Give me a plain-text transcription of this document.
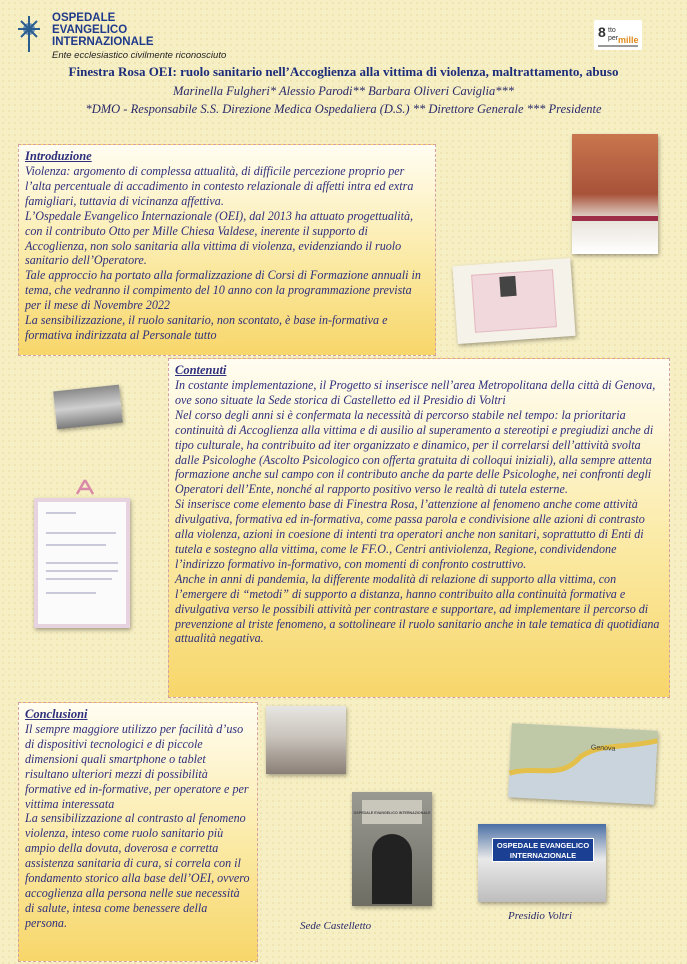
OSPEDALE
EVANGELICO
INTERNAZIONALE
Ente ecclesiastico civilmente riconosciuto
8 tto
per mille
Finestra Rosa OEI: ruolo sanitario nell’Accoglienza alla vittima di violenza, maltrattamento, abuso
Marinella Fulgheri* Alessio Parodi** Barbara Oliveri Caviglia***
*DMO - Responsabile S.S. Direzione Medica Ospedaliera (D.S.) ** Direttore Generale *** Presidente
Introduzione

Violenza: argomento di complessa attualità, di difficile percezione proprio per l’alta percentuale di accadimento in contesto relazionale di affetti intra ed extra famigliari, tuttavia di vicinanza affettiva.

L’Ospedale Evangelico Internazionale (OEI), dal 2013 ha attuato progettualità, con il contributo Otto per Mille Chiesa Valdese, inerente il supporto di Accoglienza, non solo sanitaria alla vittima di violenza, evidenziando il ruolo sanitario dell’Operatore.

Tale approccio ha portato alla formalizzazione di Corsi di Formazione annuali in tema, che vedranno il compimento del 10 anno con la programmazione prevista per il mese di Novembre 2022

La sensibilizzazione, il ruolo sanitario, non scontato, è base in-formativa e formativa indirizzata al Personale tutto

Contenuti

In costante implementazione, il Progetto si inserisce nell’area Metropolitana della città di Genova, ove sono situate la Sede storica di Castelletto ed il Presidio di Voltri

Nel corso degli anni si è confermata la necessità di percorso stabile nel tempo: la prioritaria continuità di Accoglienza alla vittima e di ausilio al superamento a stereotipi e pregiudizi anche di tipo culturale, ha contribuito ad iter organizzato e dinamico, per il correlarsi dell’attività svolta dalle Psicologhe (Ascolto Psicologico con offerta gratuita di colloqui iniziali), alla sempre attenta formazione anche sul campo con il contributo anche da parte delle Psicologhe, nei confronti degli Operatori dell’Ente, nonché al rapporto positivo verso le realtà di tutela esterne.

Si inserisce come elemento base di Finestra Rosa, l’attenzione al fenomeno anche come attività divulgativa, formativa ed in-formativa, come passa parola e condivisione alle azioni di contrasto alla violenza, azioni in coesione di intenti tra operatori anche non sanitari, soprattutto di Enti di tutela e sostegno alla vittima, come le FF.O., Centri antiviolenza, Regione, condividendone l’indirizzo formativo in-formativo, con momenti di confronto costruttivo.

Anche in anni di pandemia, la differente modalità di relazione di supporto alla vittima, con l’emergere di “metodi” di supporto a distanza, hanno contribuito alla continuità formativa e divulgativa verso le possibili attività per contrastare e supportare, ad implementare il percorso di prevenzione al triste fenomeno, a sottolineare il ruolo sanitario anche in tale tematica di quotidiana attualità negativa.

Conclusioni

Il sempre maggiore utilizzo per facilità d’uso di dispositivi tecnologici e di piccole dimensioni quali smartphone o tablet risultano ulteriori mezzi di possibilità formative ed in-formative, per operatore e per vittima interessata

La sensibilizzazione al contrasto al fenomeno violenza, inteso come ruolo sanitario più ampio della dovuta, doverosa e corretta assistenza sanitaria di cura, si correla con il fondamento storico alla base dell’OEI, ovvero accoglienza alla persona nelle sue necessità di salute, intesa come benessere della persona.

Genova
OSPEDALE EVANGELICO INTERNAZIONALE
Sede Castelletto
OSPEDALE EVANGELICO INTERNAZIONALE
Presidio Voltri
